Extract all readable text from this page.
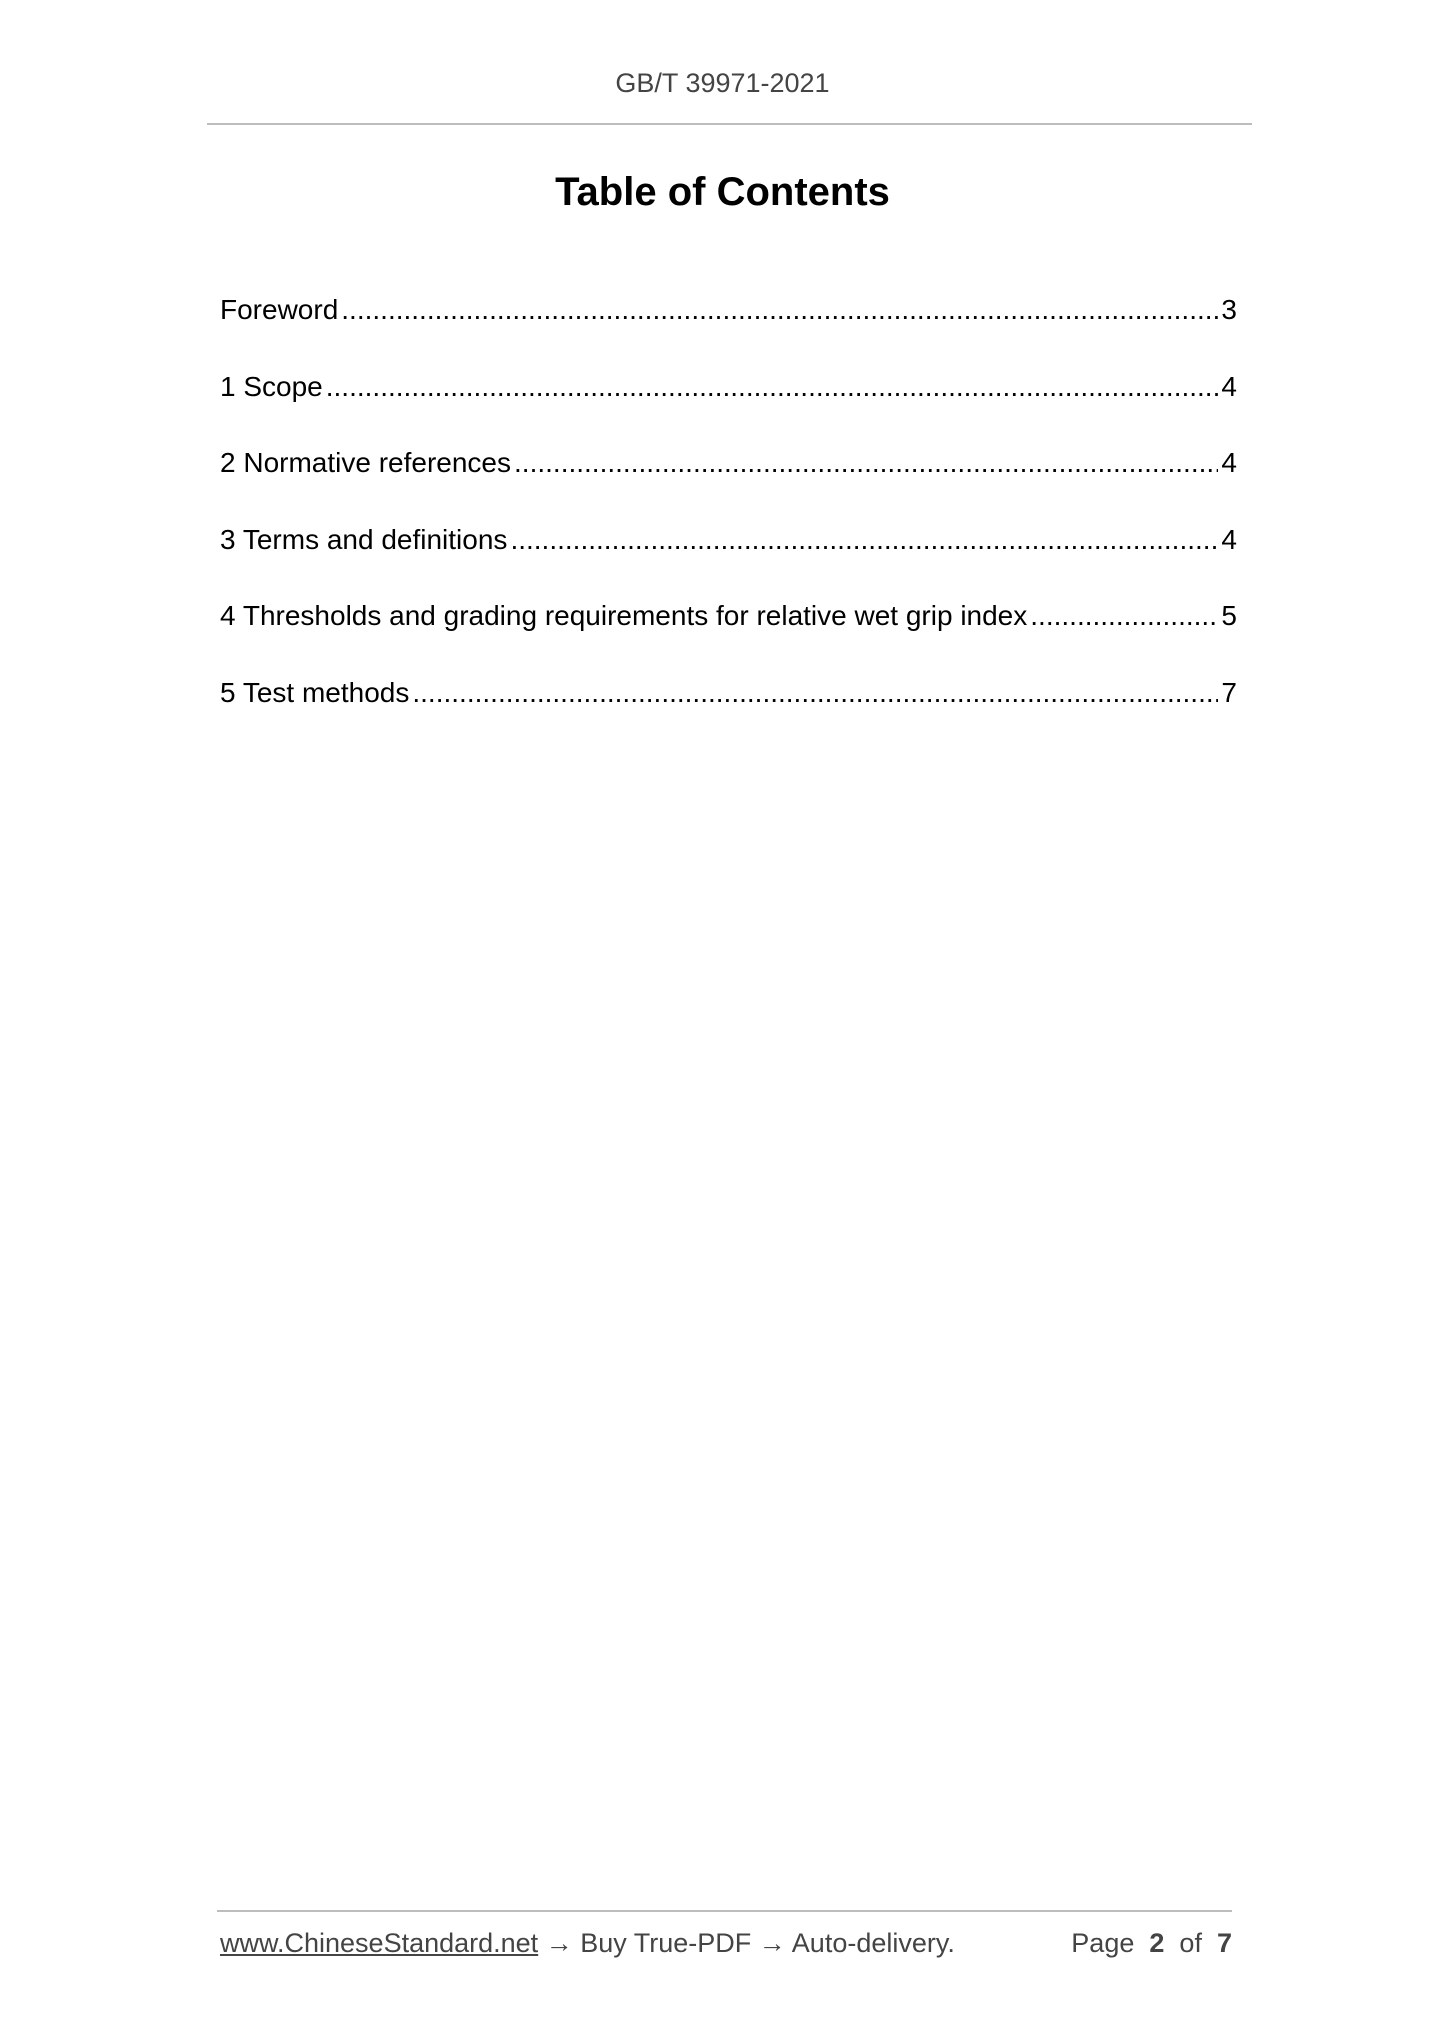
GB/T 39971-2021
Table of Contents
Foreword .....	3
1 Scope .....	4
2 Normative references .....	4
3 Terms and definitions .....	4
4 Thresholds and grading requirements for relative wet grip index .....	5
5 Test methods .....	7
www.ChineseStandard.net → Buy True-PDF → Auto-delivery.	Page 2 of 7
